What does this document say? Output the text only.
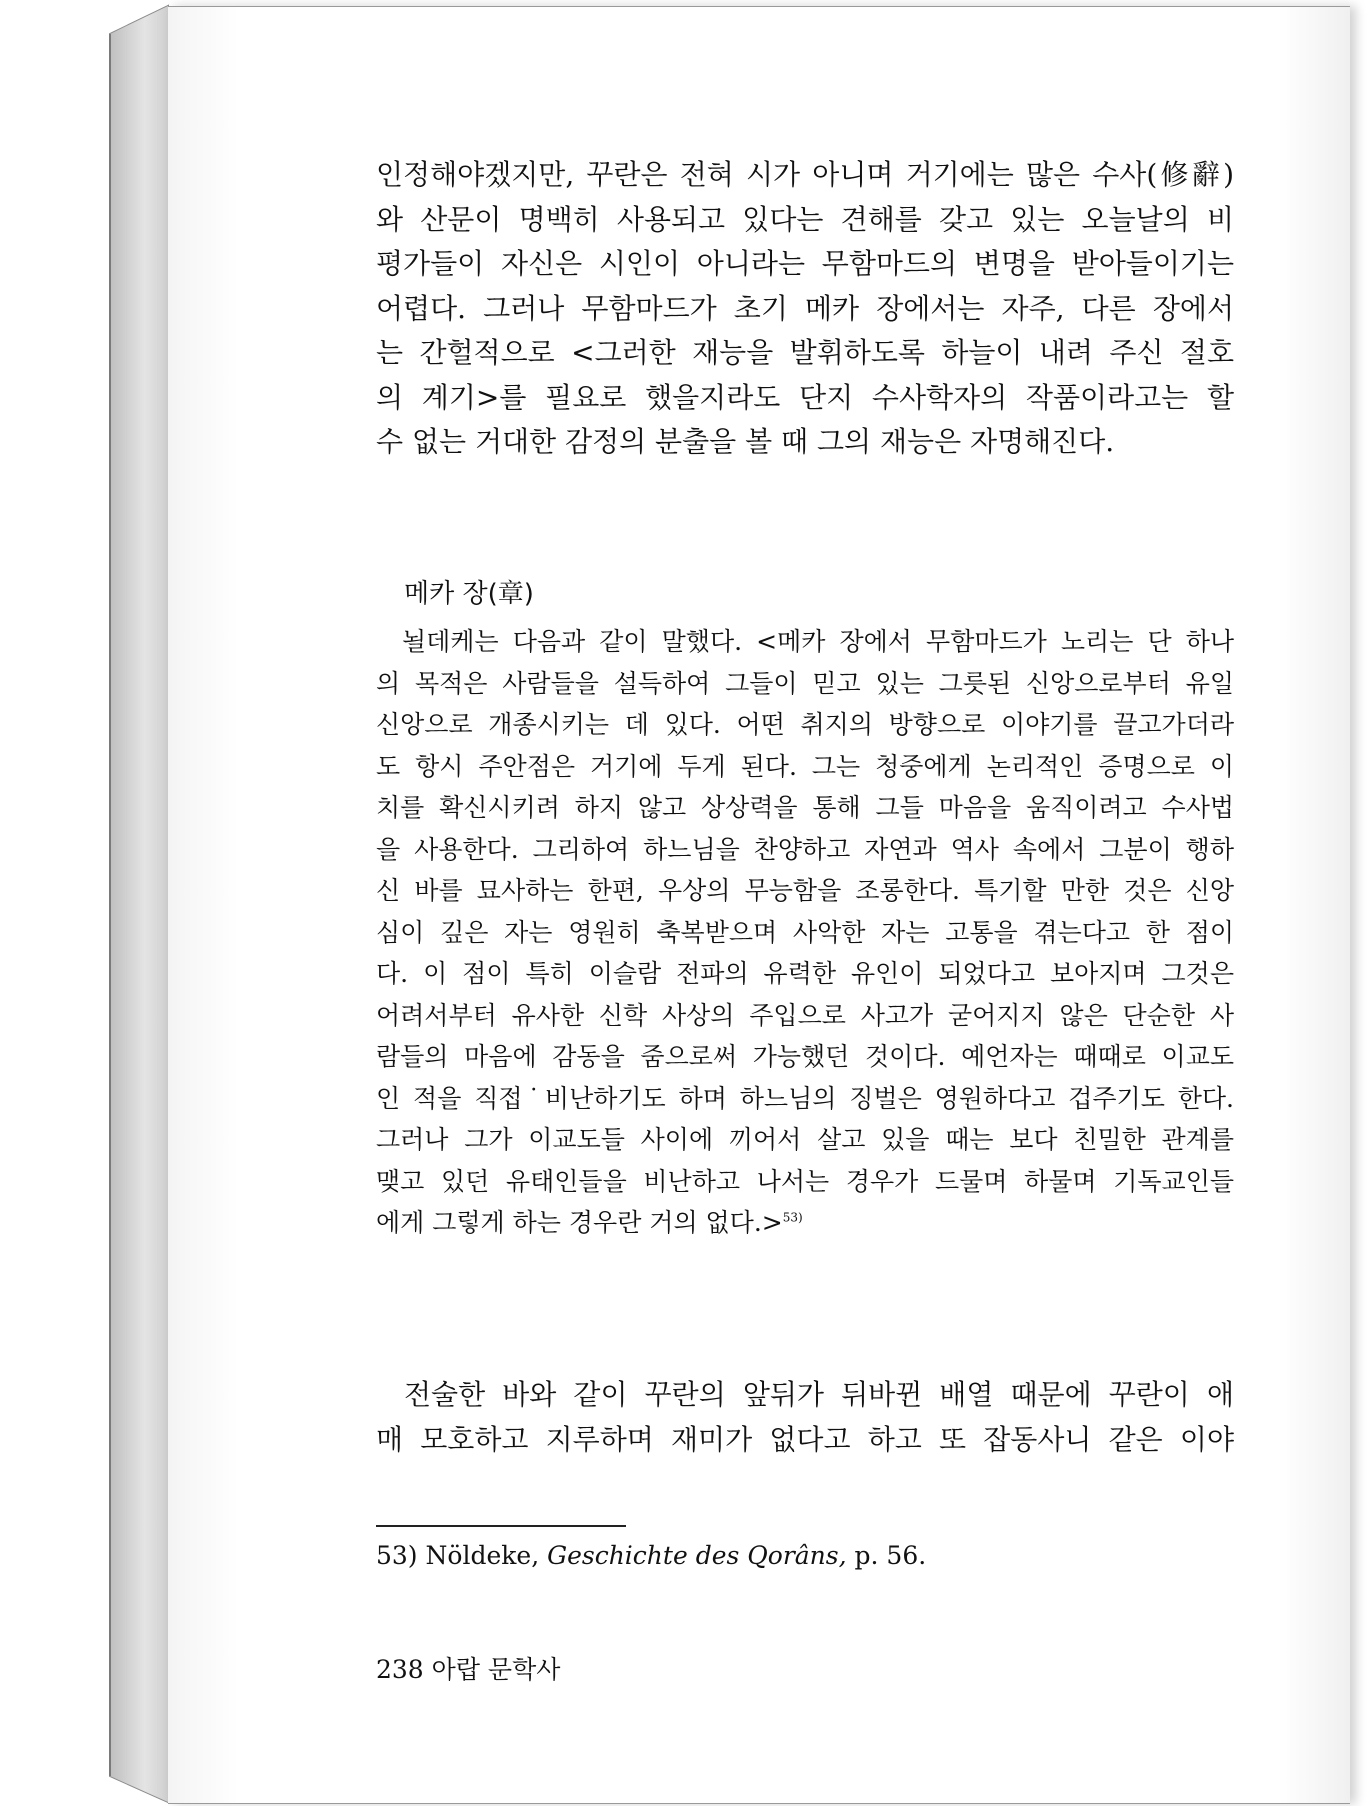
인정해야겠지만, 꾸란은 전혀 시가 아니며 거기에는 많은 수사(修辭)
와 산문이 명백히 사용되고 있다는 견해를 갖고 있는 오늘날의 비
평가들이 자신은 시인이 아니라는 무함마드의 변명을 받아들이기는
어렵다. 그러나 무함마드가 초기 메카 장에서는 자주, 다른 장에서
는 간헐적으로 <그러한 재능을 발휘하도록 하늘이 내려 주신 절호
의 계기>를 필요로 했을지라도 단지 수사학자의 작품이라고는 할
수 없는 거대한 감정의 분출을 볼 때 그의 재능은 자명해진다.
메카 장(章)
뇔데케는 다음과 같이 말했다. <메카 장에서 무함마드가 노리는 단 하나
의 목적은 사람들을 설득하여 그들이 믿고 있는 그릇된 신앙으로부터 유일
신앙으로 개종시키는 데 있다. 어떤 취지의 방향으로 이야기를 끌고가더라
도 항시 주안점은 거기에 두게 된다. 그는 청중에게 논리적인 증명으로 이
치를 확신시키려 하지 않고 상상력을 통해 그들 마음을 움직이려고 수사법
을 사용한다. 그리하여 하느님을 찬양하고 자연과 역사 속에서 그분이 행하
신 바를 묘사하는 한편, 우상의 무능함을 조롱한다. 특기할 만한 것은 신앙
심이 깊은 자는 영원히 축복받으며 사악한 자는 고통을 겪는다고 한 점이
다. 이 점이 특히 이슬람 전파의 유력한 유인이 되었다고 보아지며 그것은
어려서부터 유사한 신학 사상의 주입으로 사고가 굳어지지 않은 단순한 사
람들의 마음에 감동을 줌으로써 가능했던 것이다. 예언자는 때때로 이교도
인 적을 직접˙비난하기도 하며 하느님의 징벌은 영원하다고 겁주기도 한다.
그러나 그가 이교도들 사이에 끼어서 살고 있을 때는 보다 친밀한 관계를
맺고 있던 유태인들을 비난하고 나서는 경우가 드물며 하물며 기독교인들
에게 그렇게 하는 경우란 거의 없다.>$^{53)}$
전술한 바와 같이 꾸란의 앞뒤가 뒤바뀐 배열 때문에 꾸란이 애
매 모호하고 지루하며 재미가 없다고 하고 또 잡동사니 같은 이야
53) Nöldeke, Geschichte des Qorâns, p. 56.
238 아랍 문학사
